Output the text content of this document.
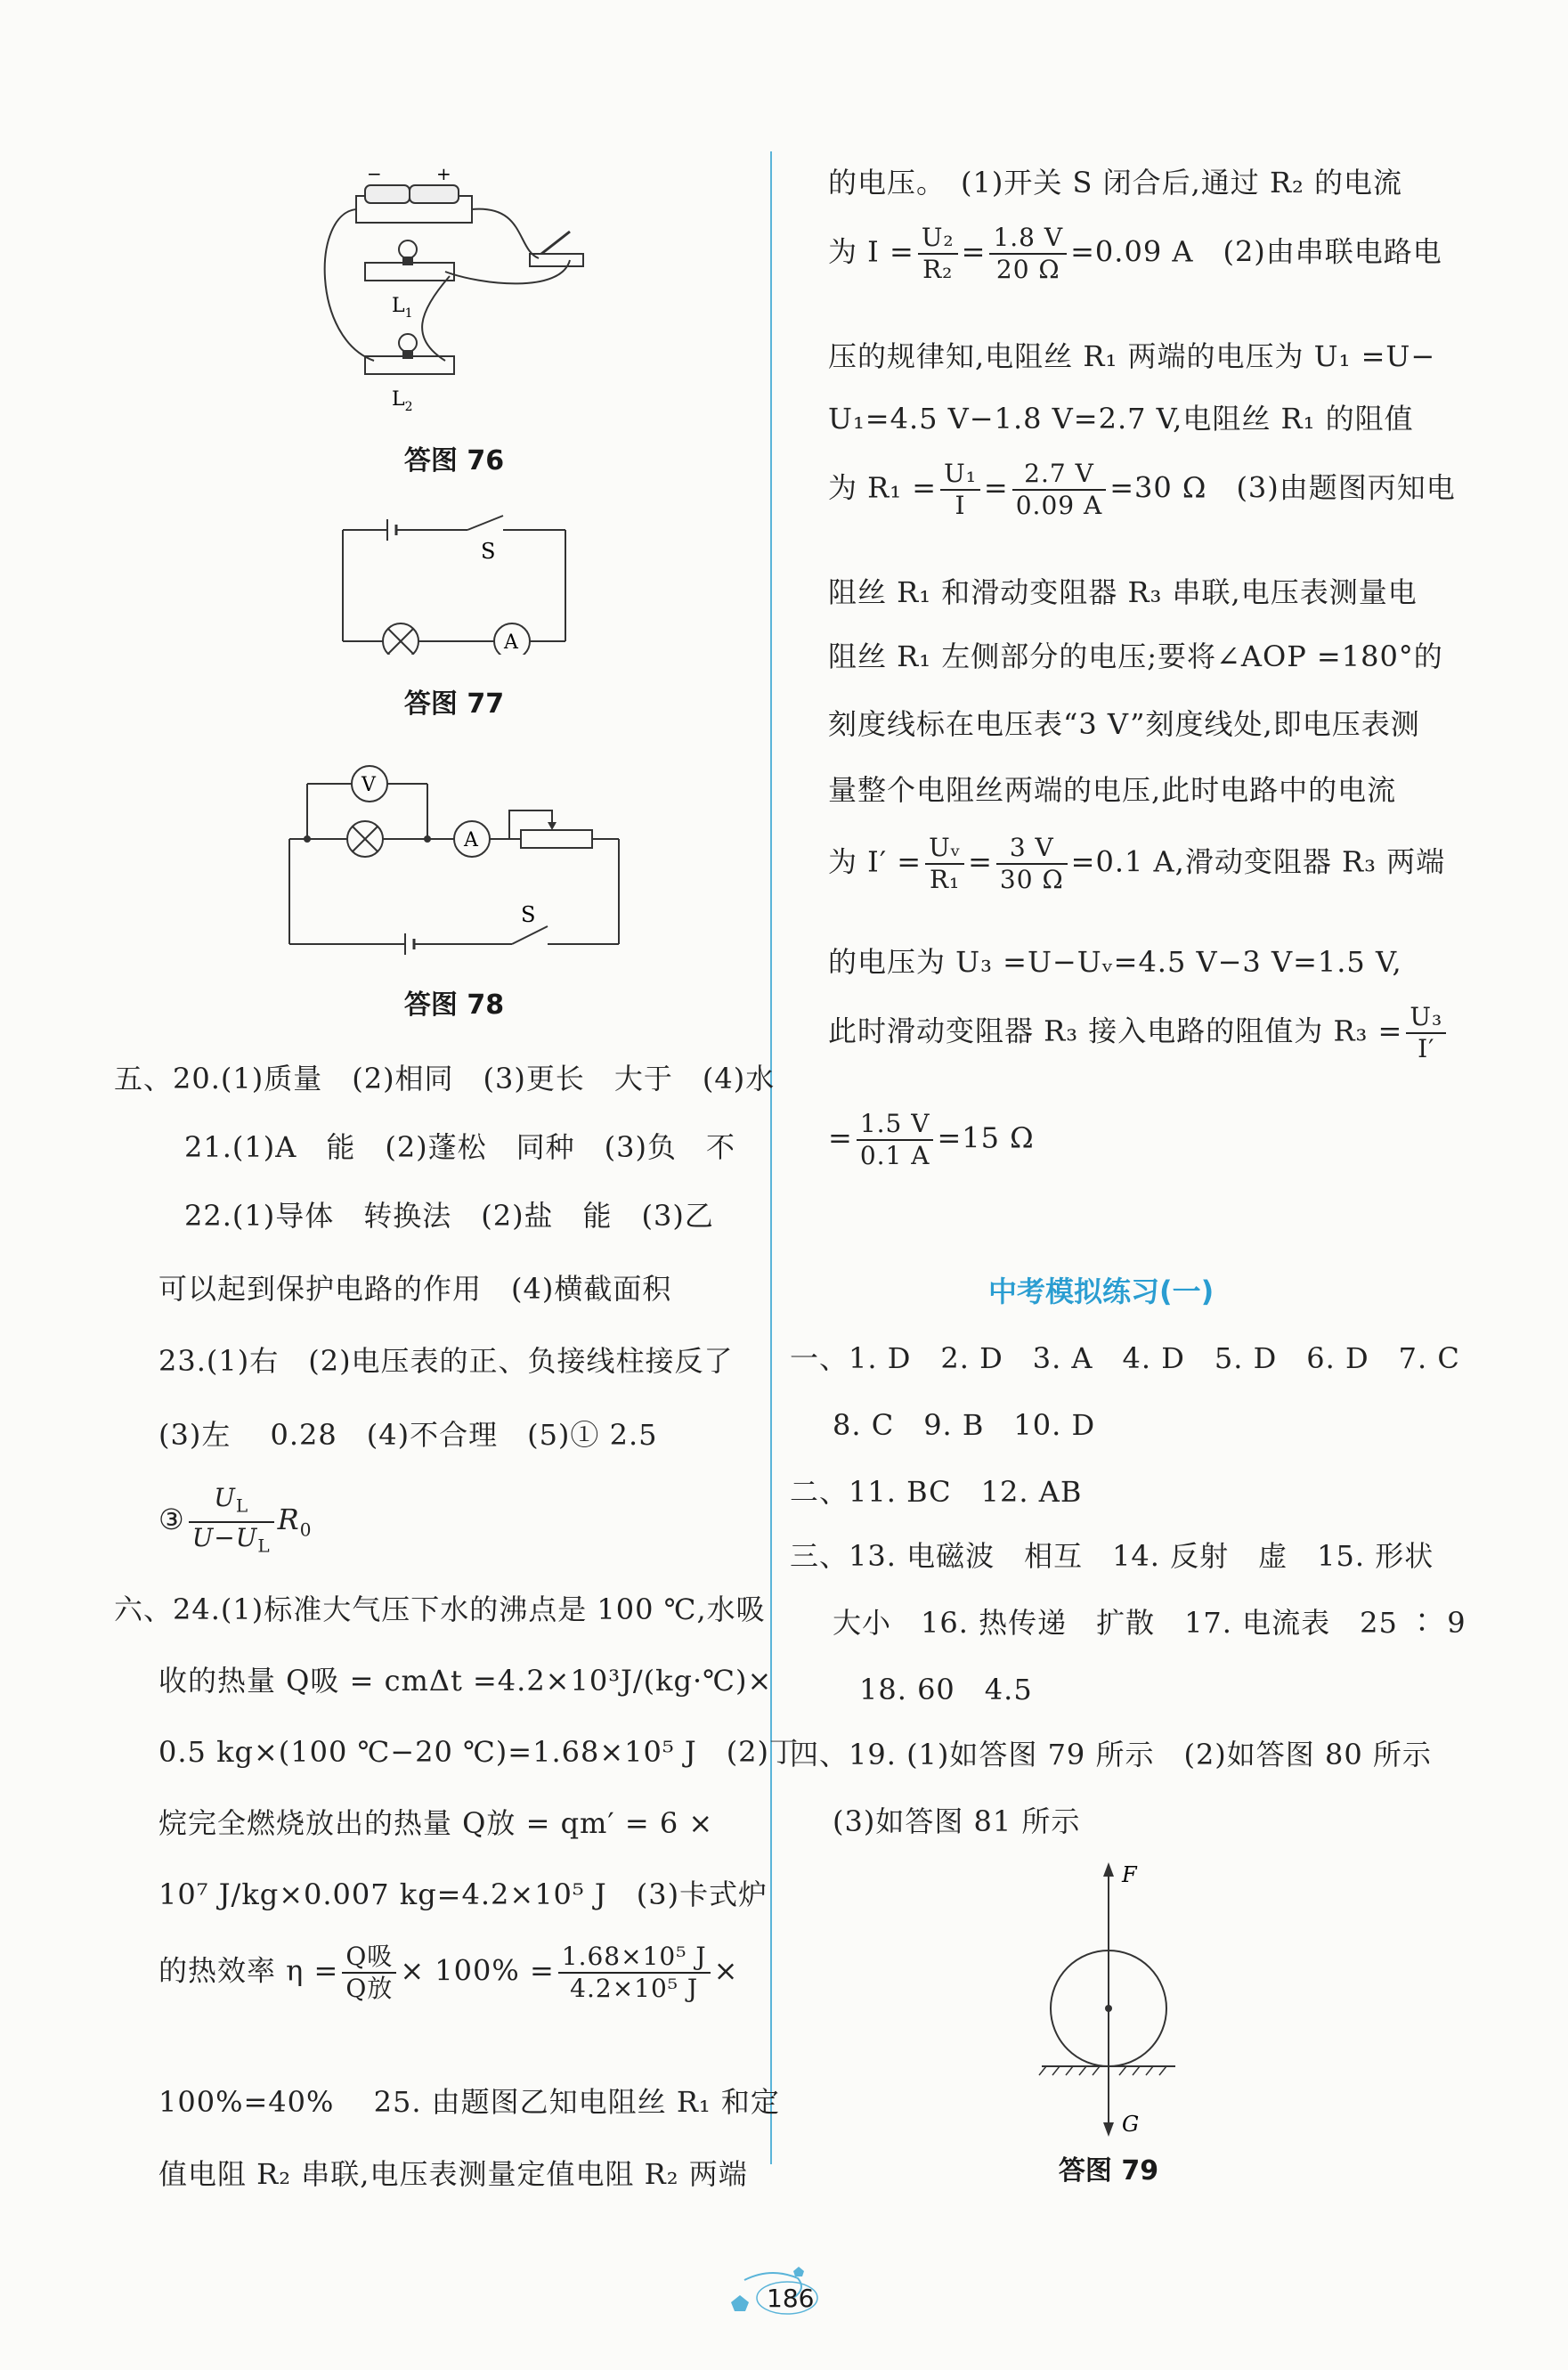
−	+
$L_1$
$L_2$
答图 76
S
A
答图 77
V
A
S
答图 78
五、20.(1)质量　(2)相同　(3)更长　大于　(4)水
21.(1)A　能　(2)蓬松　同种　(3)负　不
22.(1)导体　转换法　(2)盐　能　(3)乙
可以起到保护电路的作用　(4)横截面积
23.(1)右　(2)电压表的正、负接线柱接反了
(3)左　 0.28　(4)不合理　(5)① 2.5
③ $\frac{U_L}{U-U_L} R_0$
六、24.(1)标准大气压下水的沸点是 100 ℃,水吸
收的热量 Q吸 = cmΔt =4.2×10³J/(kg·℃)×
0.5 kg×(100 ℃−20 ℃)=1.68×10⁵ J　(2)丁
烷完全燃烧放出的热量 Q放 = qm′ = 6 ×
10⁷ J/kg×0.007 kg=4.2×10⁵ J　(3)卡式炉
的热效率 $\eta = \frac{\text{Q吸}}{\text{Q放}} \times 100\% = \frac{\text{1.68×10⁵ J}}{\text{4.2×10⁵ J}}$ ×
100%=40%　 25. 由题图乙知电阻丝 R₁ 和定
值电阻 R₂ 串联,电压表测量定值电阻 R₂ 两端
的电压。　(1)开关 S 闭合后,通过 R₂ 的电流
为 $I = \frac{\text{U₂}}{\text{R₂}} = \frac{1.8 V}{20 \Omega} =0.09$ A　(2)由串联电路电
压的规律知,电阻丝 R₁ 两端的电压为 U₁ =U−
U₁=4.5 V−1.8 V=2.7 V,电阻丝 R₁ 的阻值
为 $R_1 = \frac{\text{U₁}}{I} = \frac{2.7 V}{0.09 A} =30$ Ω　(3)由题图丙知电
阻丝 R₁ 和滑动变阻器 R₃ 串联,电压表测量电
阻丝 R₁ 左侧部分的电压;要将∠AOP =180°的
刻度线标在电压表“3 V”刻度线处,即电压表测
量整个电阻丝两端的电压,此时电路中的电流
为 $I' = \frac{\text{Uᵥ}}{\text{R₁}} = \frac{3 V}{30 \Omega} =0.1$ A,滑动变阻器 R₃ 两端
的电压为 U₃ =U−Uᵥ=4.5 V−3 V=1.5 V,
此时滑动变阻器 R₃ 接入电路的阻值为 $R_3 = \frac{\text{U₃}}{I'}$
= $\frac{1.5 V}{0.1 A} =15$ Ω
中考模拟练习(一)
一、1. D　2. D　3. A　4. D　5. D　6. D　7. C
8. C　9. B　10. D
二、11. BC　12. AB
三、13. 电磁波　相互　14. 反射　虚　15. 形状
大小　16. 热传递　扩散　17. 电流表　25 ∶ 9
18. 60　4.5
四、19. (1)如答图 79 所示　(2)如答图 80 所示
(3)如答图 81 所示
F
G
答图 79
186
